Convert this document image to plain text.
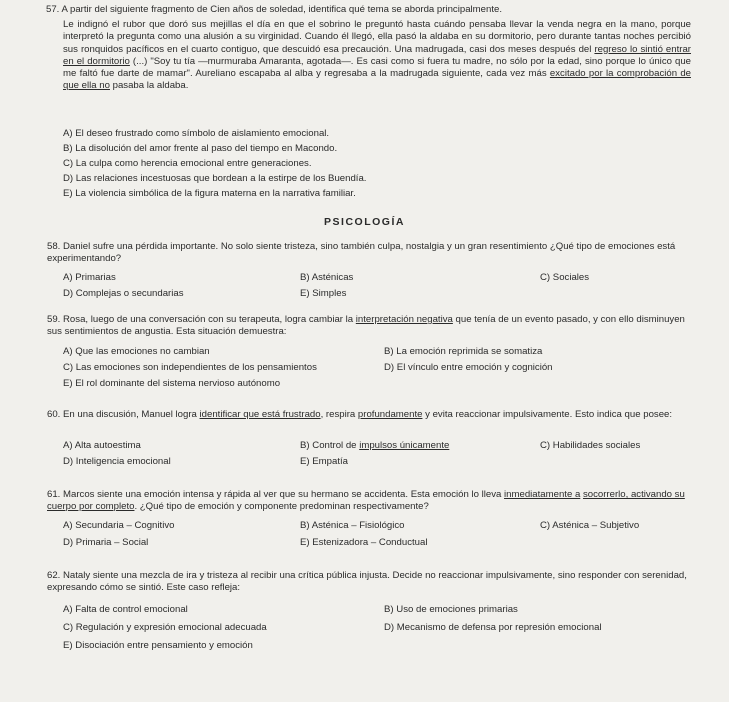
57. A partir del siguiente fragmento de Cien años de soledad, identifica qué tema se aborda principalmente.
Le indignó el rubor que doró sus mejillas el día en que el sobrino le preguntó hasta cuándo pensaba llevar la venda negra en la mano, porque interpretó la pregunta como una alusión a su virginidad. Cuando él llegó, ella pasó la aldaba en su dormitorio, pero durante tantas noches percibió sus ronquidos pacíficos en el cuarto contiguo, que descuidó esa precaución. Una madrugada, casi dos meses después del regreso lo sintió entrar en el dormitorio (...) "Soy tu tía —murmuraba Amaranta, agotada—. Es casi como si fuera tu madre, no sólo por la edad, sino porque lo único que me faltó fue darte de mamar". Aureliano escapaba al alba y regresaba a la madrugada siguiente, cada vez más excitado por la comprobación de que ella no pasaba la aldaba.
A) El deseo frustrado como símbolo de aislamiento emocional.
B) La disolución del amor frente al paso del tiempo en Macondo.
C) La culpa como herencia emocional entre generaciones.
D) Las relaciones incestuosas que bordean a la estirpe de los Buendía.
E) La violencia simbólica de la figura materna en la narrativa familiar.
PSICOLOGÍA
58. Daniel sufre una pérdida importante. No solo siente tristeza, sino también culpa, nostalgia y un gran resentimiento ¿Qué tipo de emociones está experimentando?
A) Primarias	B) Asténicas	C) Sociales
D) Complejas o secundarias	E) Simples
59. Rosa, luego de una conversación con su terapeuta, logra cambiar la interpretación negativa que tenía de un evento pasado, y con ello disminuyen sus sentimientos de angustia. Esta situación demuestra:
A) Que las emociones no cambian	B) La emoción reprimida se somatiza
C) Las emociones son independientes de los pensamientos	D) El vínculo entre emoción y cognición
E) El rol dominante del sistema nervioso autónomo
60. En una discusión, Manuel logra identificar que está frustrado, respira profundamente y evita reaccionar impulsivamente. Esto indica que posee:
A) Alta autoestima	B) Control de impulsos únicamente	C) Habilidades sociales
D) Inteligencia emocional	E) Empatía
61. Marcos siente una emoción intensa y rápida al ver que su hermano se accidenta. Esta emoción lo lleva inmediatamente a socorrerlo, activando su cuerpo por completo. ¿Qué tipo de emoción y componente predominan respectivamente?
A) Secundaria – Cognitivo	B) Asténica – Fisiológico	C) Asténica – Subjetivo
D) Primaria – Social	E) Estenizadora – Conductual
62. Nataly siente una mezcla de ira y tristeza al recibir una crítica pública injusta. Decide no reaccionar impulsivamente, sino responder con serenidad, expresando cómo se sintió. Este caso refleja:
A) Falta de control emocional	B) Uso de emociones primarias
C) Regulación y expresión emocional adecuada	D) Mecanismo de defensa por represión emocional
E) Disociación entre pensamiento y emoción
